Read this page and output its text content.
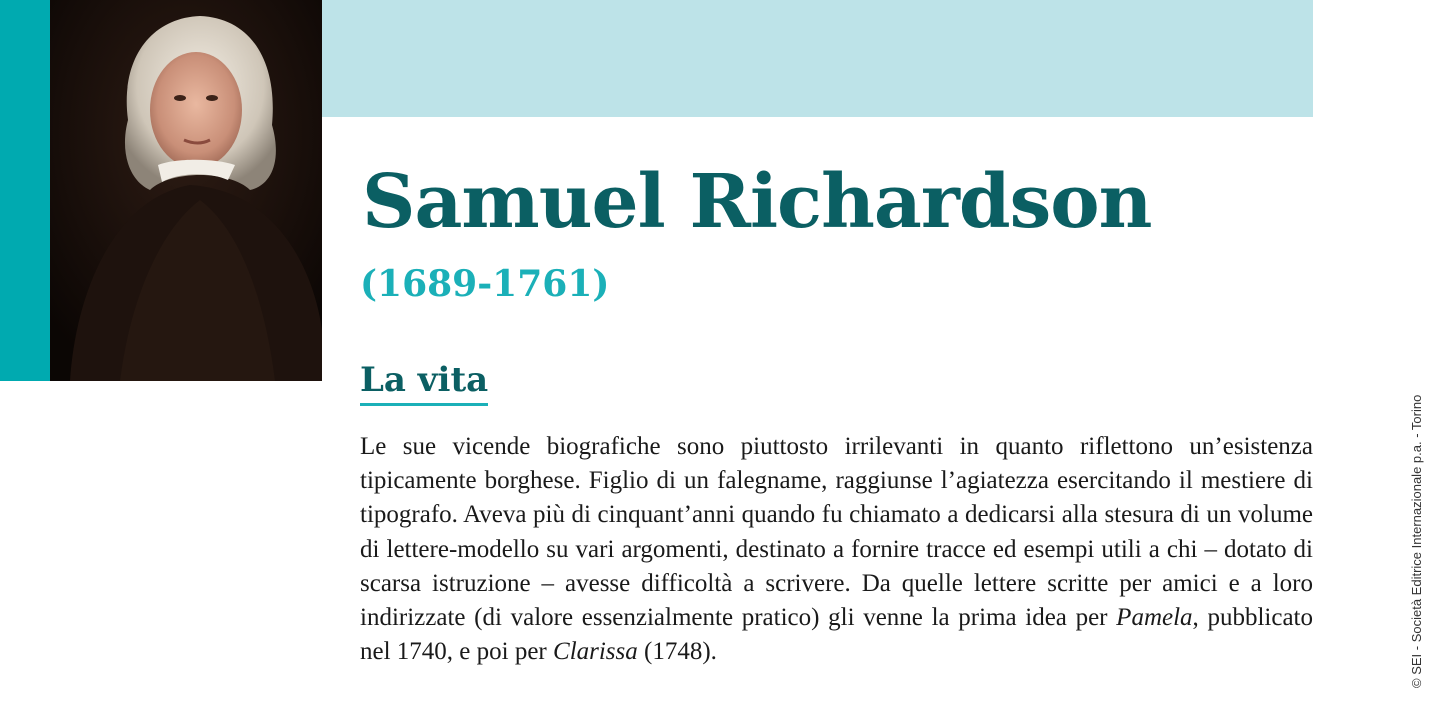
Samuel Richardson
(1689-1761)
La vita

Le sue vicende biografiche sono piuttosto irrilevanti in quanto riflettono un’esistenza tipicamente borghese. Figlio di un falegname, raggiunse l’agiatezza esercitando il mestiere di tipografo. Aveva più di cinquant’anni quando fu chiamato a dedicarsi alla stesura di un volume di lettere-modello su vari argomenti, destinato a fornire tracce ed esempi utili a chi – dotato di scarsa istruzione – avesse difficoltà a scrivere. Da quelle lettere scritte per amici e a loro indirizzate (di valore essenzialmente pratico) gli venne la prima idea per Pamela, pubblicato nel 1740, e poi per Clarissa (1748).	© SEI - Società Editrice Internazionale p.a. - Torino
